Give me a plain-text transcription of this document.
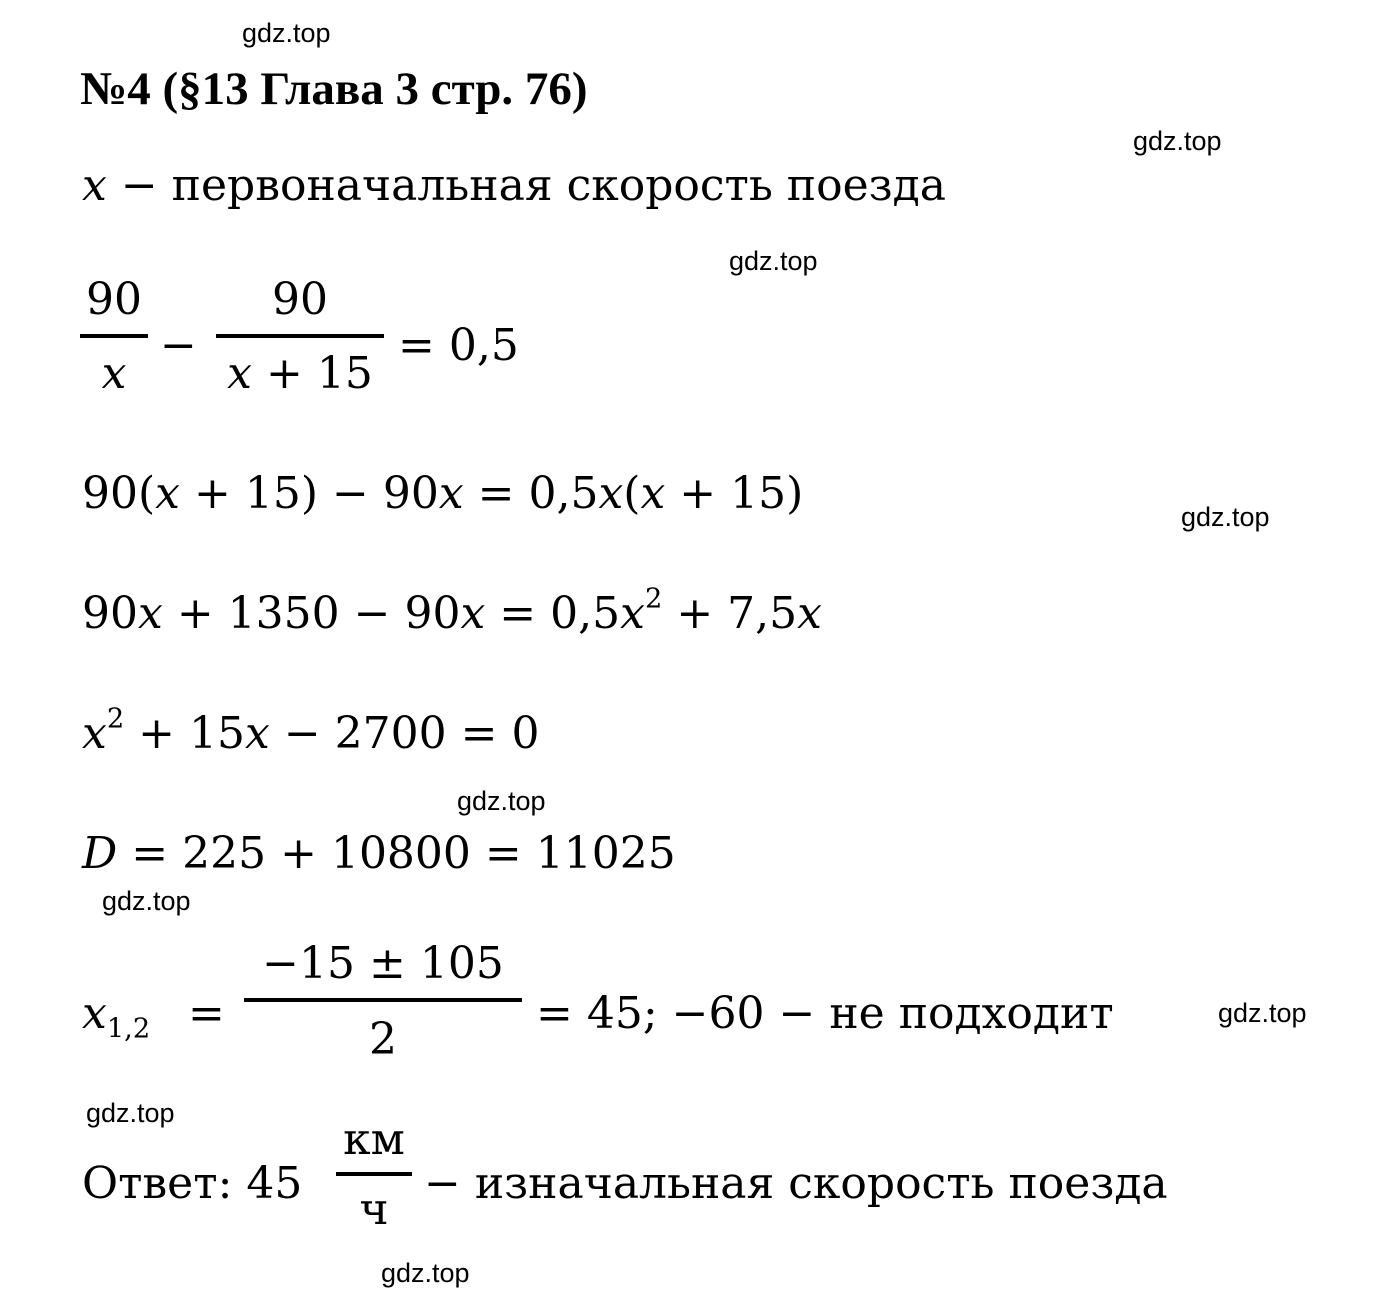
gdz.top
gdz.top
gdz.top
gdz.top
gdz.top
gdz.top
gdz.top
gdz.top
gdz.top
№4 (§13 Глава 3 стр. 76)
x − первоначальная скорость поезда
90
x
−
90
x + 15
= 0,5
90(x + 15) − 90x = 0,5x(x + 15)
$90x + 1350 - 90x = 0,5x^2 + 7,5x$
$x^2 + 15x - 2700 = 0$
D = 225 + 10800 = 11025
$x_{1,2}$ =
−15 ± 105
2
= 45; −60 − не подходит
Ответ: 45
км
ч
− изначальная скорость поезда
